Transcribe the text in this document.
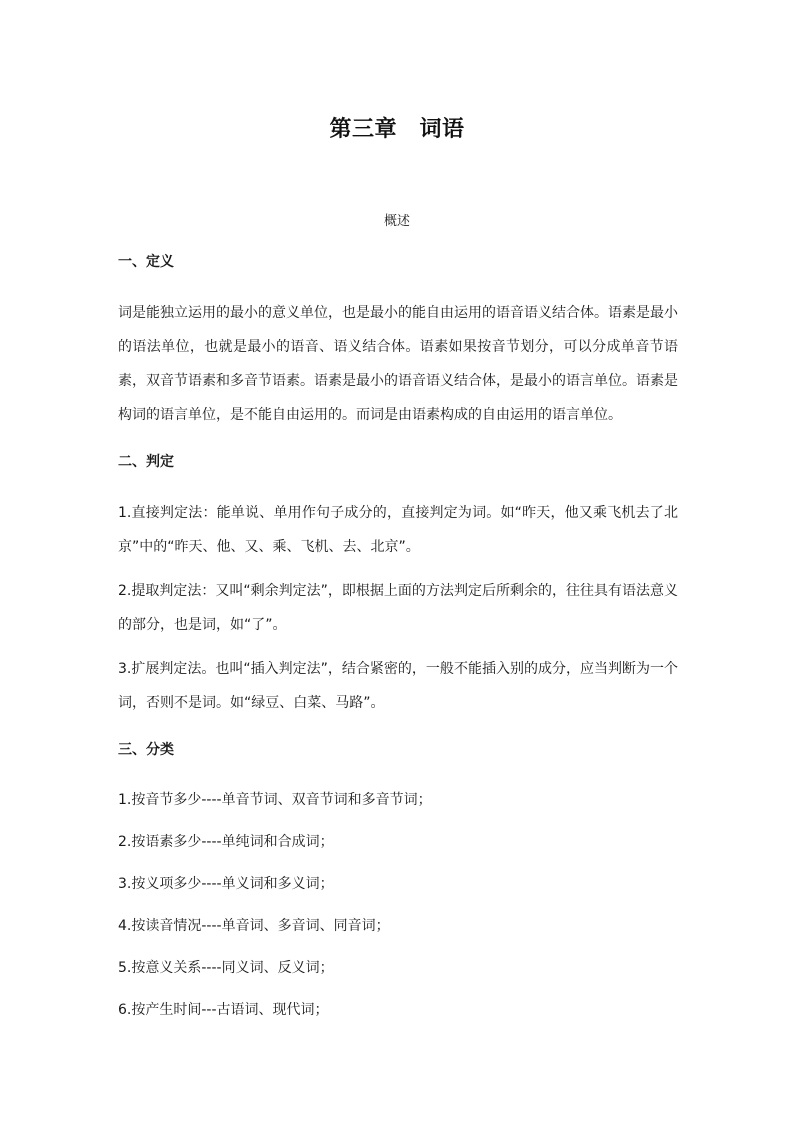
第三章　词语

概述

一、定义

词是能独立运用的最小的意义单位，也是最小的能自由运用的语音语义结合体。语素是最小的语法单位，也就是最小的语音、语义结合体。语素如果按音节划分，可以分成单音节语素，双音节语素和多音节语素。语素是最小的语音语义结合体，是最小的语言单位。语素是构词的语言单位，是不能自由运用的。而词是由语素构成的自由运用的语言单位。

二、判定

1.直接判定法：能单说、单用作句子成分的，直接判定为词。如“昨天，他又乘飞机去了北京”中的“昨天、他、又、乘、飞机、去、北京”。

2.提取判定法：又叫“剩余判定法”，即根据上面的方法判定后所剩余的，往往具有语法意义的部分，也是词，如“了”。

3.扩展判定法。也叫“插入判定法”，结合紧密的，一般不能插入别的成分，应当判断为一个词，否则不是词。如“绿豆、白菜、马路”。

三、分类

1.按音节多少----单音节词、双音节词和多音节词；

2.按语素多少----单纯词和合成词；

3.按义项多少----单义词和多义词；

4.按读音情况----单音词、多音词、同音词；

5.按意义关系----同义词、反义词；

6.按产生时间---古语词、现代词；
